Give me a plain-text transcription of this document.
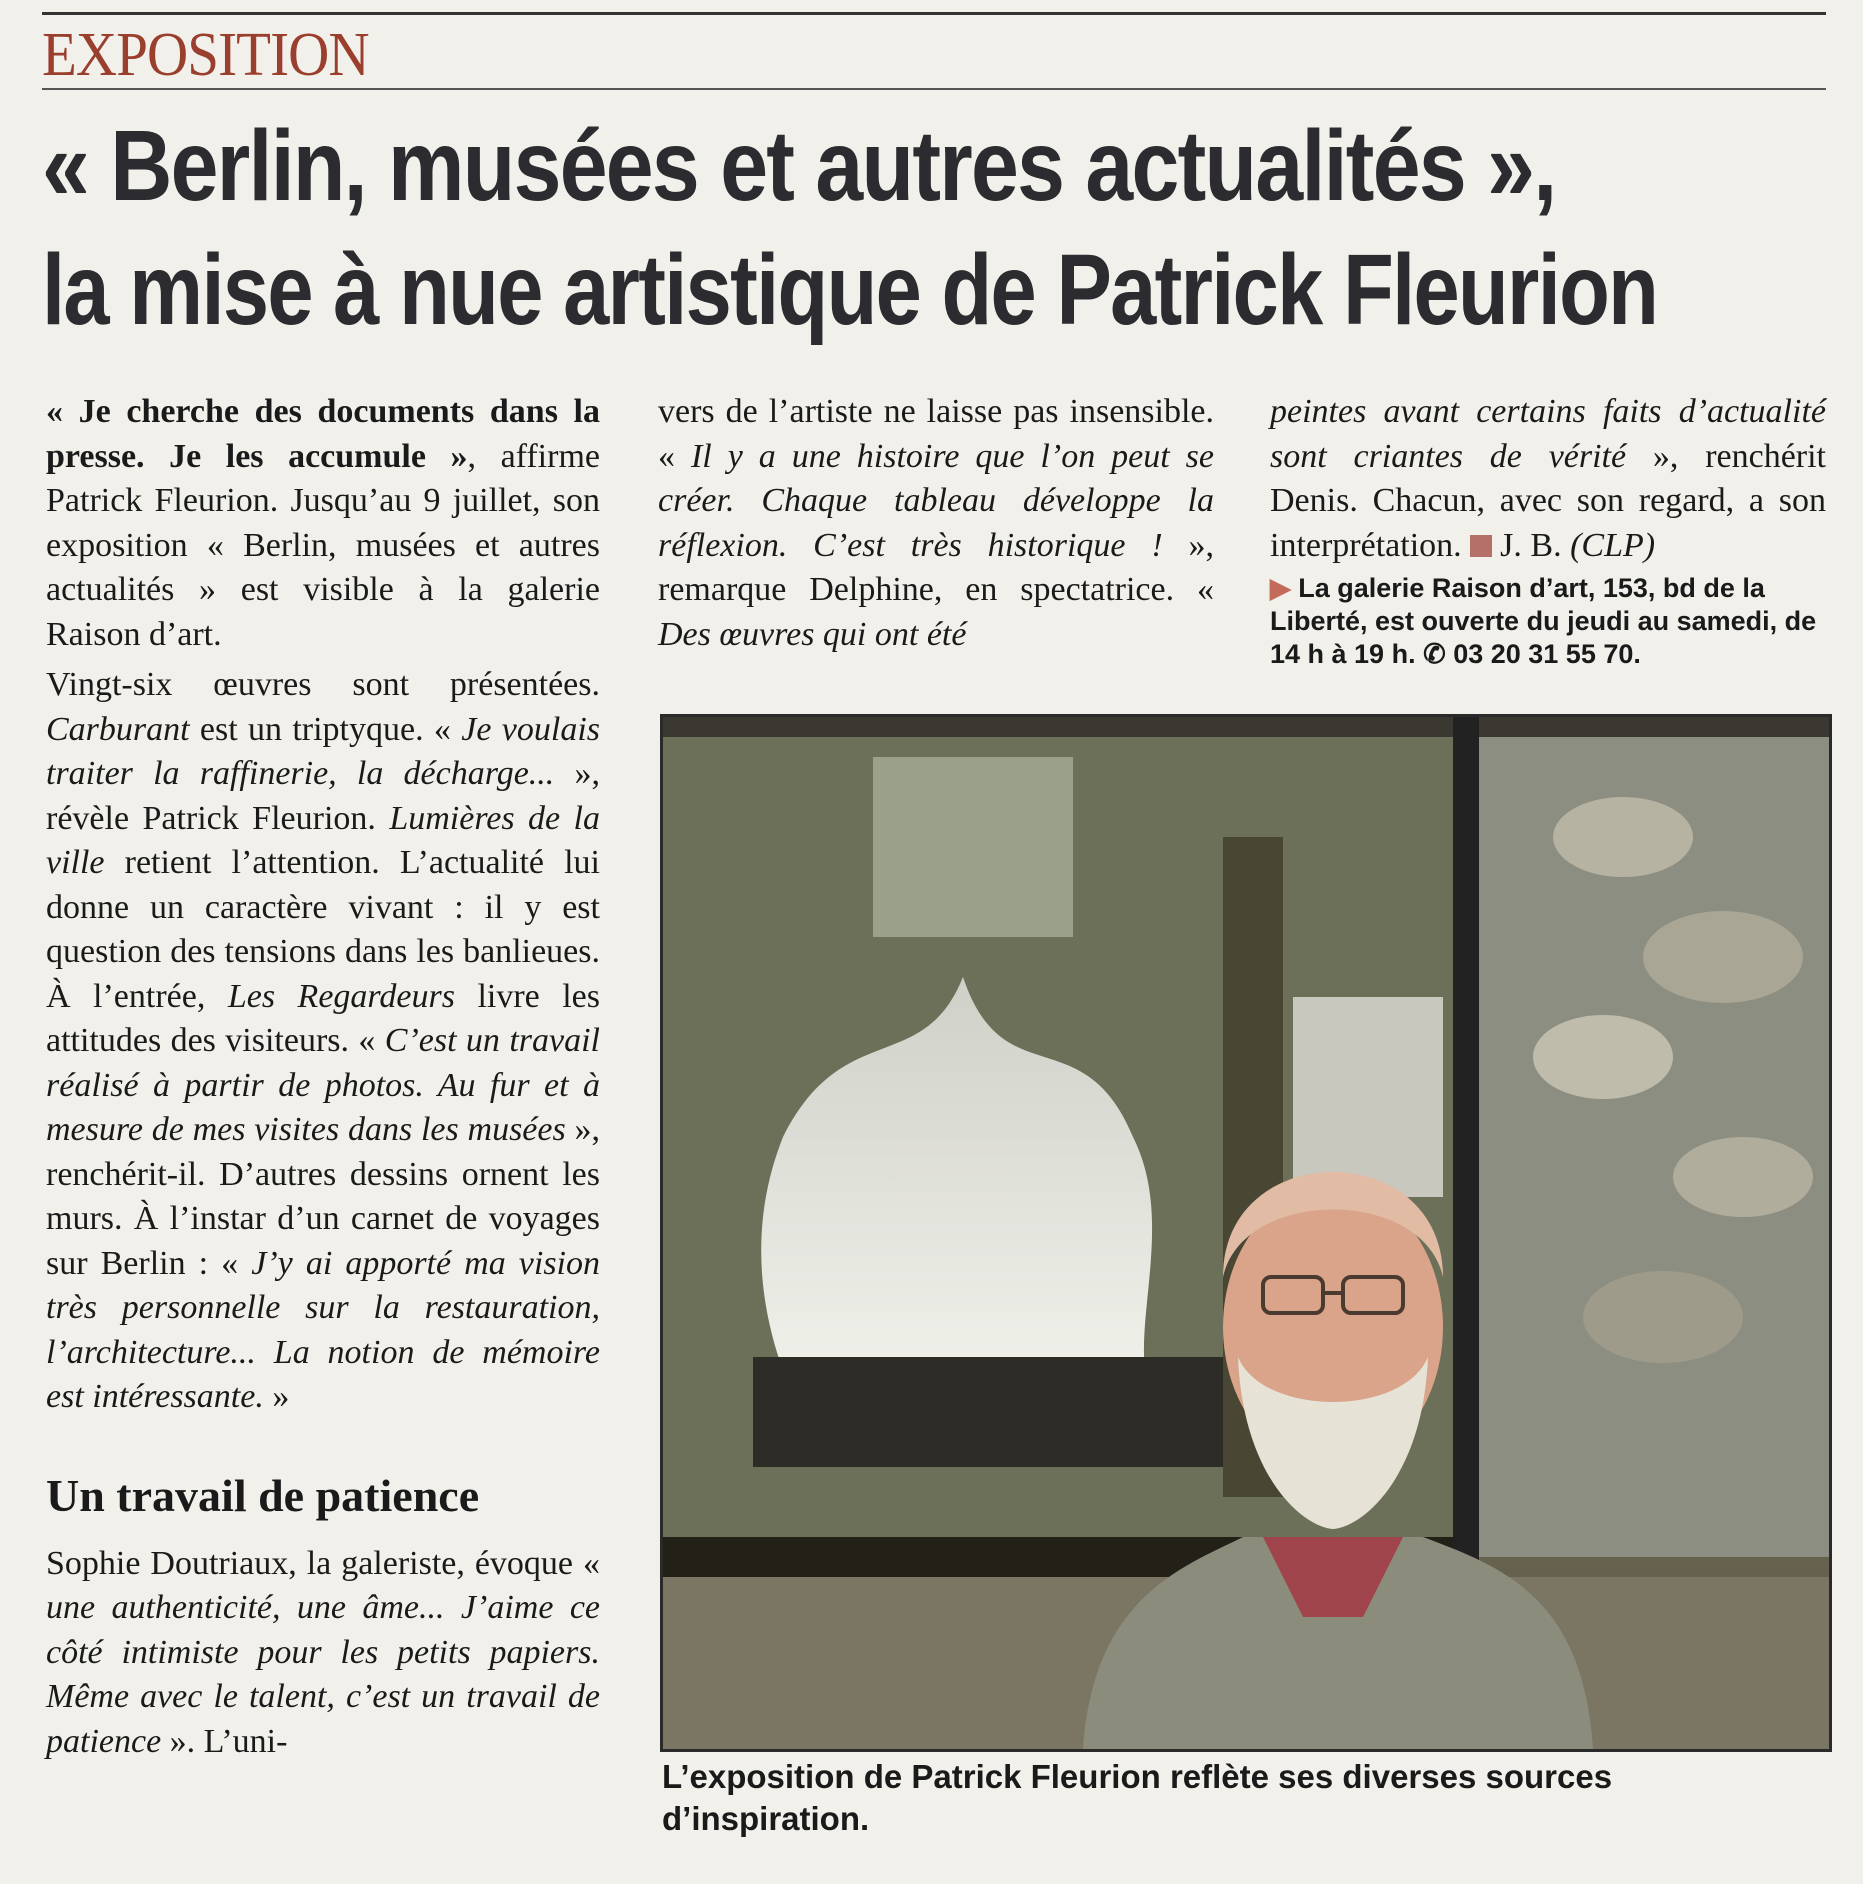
EXPOSITION
« Berlin, musées et autres actualités »,
la mise à nue artistique de Patrick Fleurion

« Je cherche des documents dans la presse. Je les accumule », affirme Patrick Fleurion. Jusqu’au 9 juillet, son exposition « Berlin, musées et autres actualités » est visible à la galerie Raison d’art.

Vingt-six œuvres sont présentées. Carburant est un triptyque. « Je voulais traiter la raffinerie, la décharge... », révèle Patrick Fleurion. Lumières de la ville retient l’attention. L’actualité lui donne un caractère vivant : il y est question des tensions dans les banlieues. À l’entrée, Les Regardeurs livre les attitudes des visiteurs. « C’est un travail réalisé à partir de photos. Au fur et à mesure de mes visites dans les musées », renchérit-il. D’autres dessins ornent les murs. À l’instar d’un carnet de voyages sur Berlin : « J’y ai apporté ma vision très personnelle sur la restauration, l’architecture... La notion de mémoire est intéressante. »

Un travail de patience

Sophie Doutriaux, la galeriste, évoque « une authenticité, une âme... J’aime ce côté intimiste pour les petits papiers. Même avec le talent, c’est un travail de patience ». L’uni-

vers de l’artiste ne laisse pas insensible. « Il y a une histoire que l’on peut se créer. Chaque tableau développe la réflexion. C’est très historique ! », remarque Delphine, en spectatrice. « Des œuvres qui ont été

peintes avant certains faits d’actualité sont criantes de vérité », renchérit Denis. Chacun, avec son regard, a son interprétation. J. B. (CLP)

▶ La galerie Raison d’art, 153, bd de la Liberté, est ouverte du jeudi au samedi, de 14 h à 19 h. ✆ 03 20 31 55 70.
L’exposition de Patrick Fleurion reflète ses diverses sources d’inspiration.
